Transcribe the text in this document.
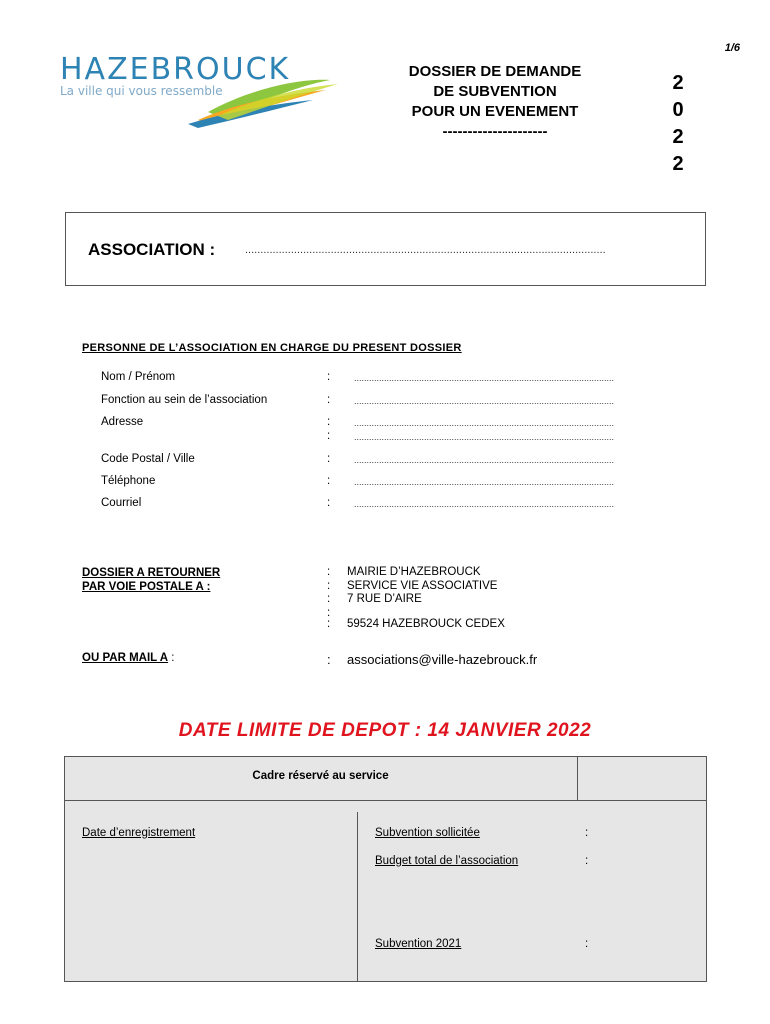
1/6
HAZEBROUCK
La ville qui vous ressemble
DOSSIER DE DEMANDE
DE SUBVENTION
POUR UN EVENEMENT
---------------------
2
0
2
2
ASSOCIATION :	......................................................................................................................
PERSONNE DE L’ASSOCIATION EN CHARGE DU PRESENT DOSSIER
Nom / Prénom	:	........................................................................................................
Fonction au sein de l’association	:	........................................................................................................
Adresse	:	........................................................................................................
:	........................................................................................................
Code Postal / Ville	:	........................................................................................................
Téléphone	:	........................................................................................................
Courriel	:	........................................................................................................
DOSSIER A RETOURNER
PAR VOIE POSTALE A :
: MAIRIE D’HAZEBROUCK
: SERVICE VIE ASSOCIATIVE
: 7 RUE D’AIRE
:
: 59524 HAZEBROUCK CEDEX
OU PAR MAIL A :	: associations@ville-hazebrouck.fr
DATE LIMITE DE DEPOT : 14 JANVIER 2022
Cadre réservé au service
Date d’enregistrement	Subvention sollicitée	:
Budget total de l’association	:
Subvention 2021	:
